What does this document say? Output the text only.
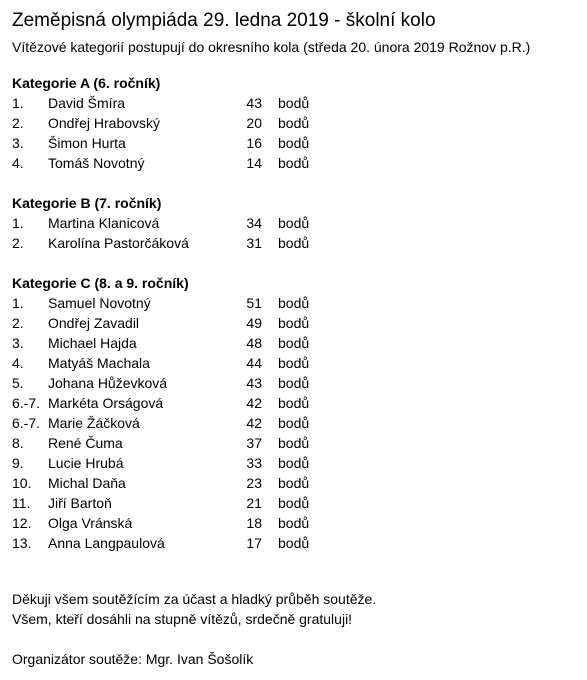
Zeměpisná olympiáda 29. ledna 2019 - školní kolo
Vítězové kategorií postupují do okresního kola (středa 20. února 2019 Rožnov p.R.)
Kategorie A (6. ročník)
1. David Šmíra	43 bodů
2. Ondřej Hrabovský	20 bodů
3. Šimon Hurta	16 bodů
4. Tomáš Novotný	14 bodů
Kategorie B (7. ročník)
1. Martina Klanicová	34 bodů
2. Karolína Pastorčáková	31 bodů
Kategorie C (8. a 9. ročník)
1. Samuel Novotný	51 bodů
2. Ondřej Zavadil	49 bodů
3. Michael Hajda	48 bodů
4. Matyáš Machala	44 bodů
5. Johana Hůževková	43 bodů
6.-7. Markéta Orságová	42 bodů
6.-7. Marie Žáčková	42 bodů
8. René Čuma	37 bodů
9. Lucie Hrubá	33 bodů
10. Michal Daňa	23 bodů
11. Jiří Bartoň	21 bodů
12. Olga Vránská	18 bodů
13. Anna Langpaulová	17 bodů
Děkuji všem soutěžícím za účast a hladký průběh soutěže.
Všem, kteří dosáhli na stupně vítězů, srdečně gratuluji!
Organizátor soutěže: Mgr. Ivan Šošolík
